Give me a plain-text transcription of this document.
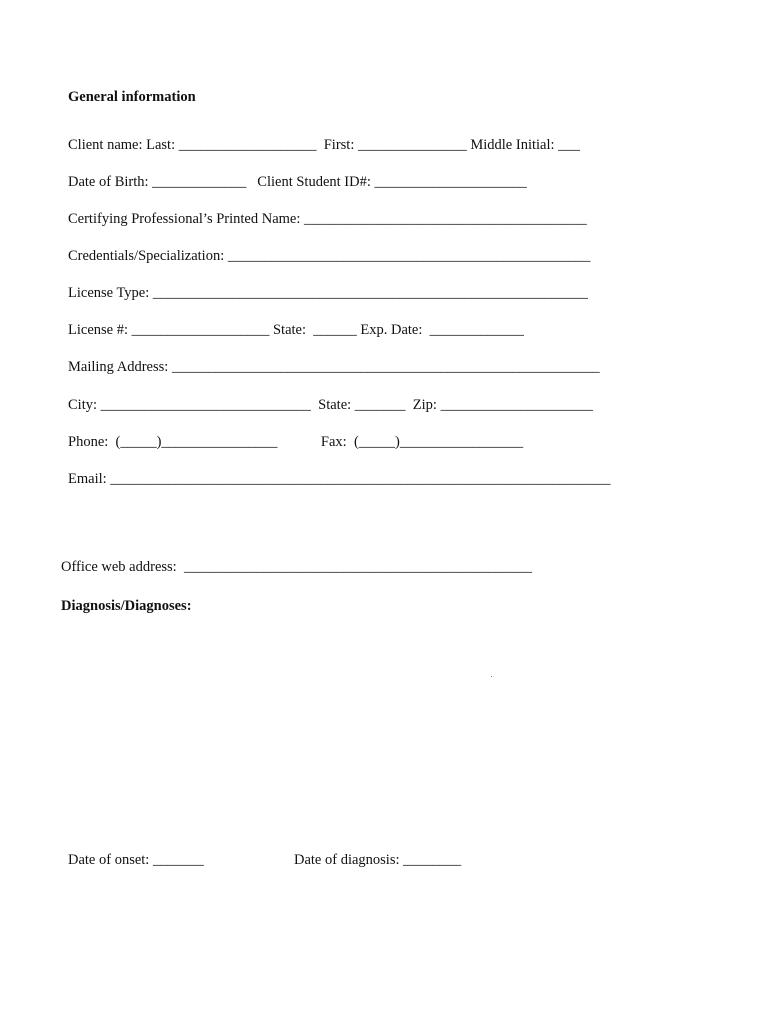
General information
Client name: Last: ___________________  First: _______________ Middle Initial: ___
Date of Birth: _____________   Client Student ID#: _____________________
Certifying Professional’s Printed Name: _______________________________________
Credentials/Specialization: __________________________________________________
License Type: ____________________________________________________________
License #: ___________________ State:  ______ Exp. Date:  _____________
Mailing Address: ___________________________________________________________
City: _____________________________  State: _______  Zip: _____________________
Phone:  (_____)________________            Fax:  (_____)_________________
Email: _____________________________________________________________________
Office web address:  ________________________________________________
Diagnosis/Diagnoses:
Date of onset: _______	Date of diagnosis: ________
